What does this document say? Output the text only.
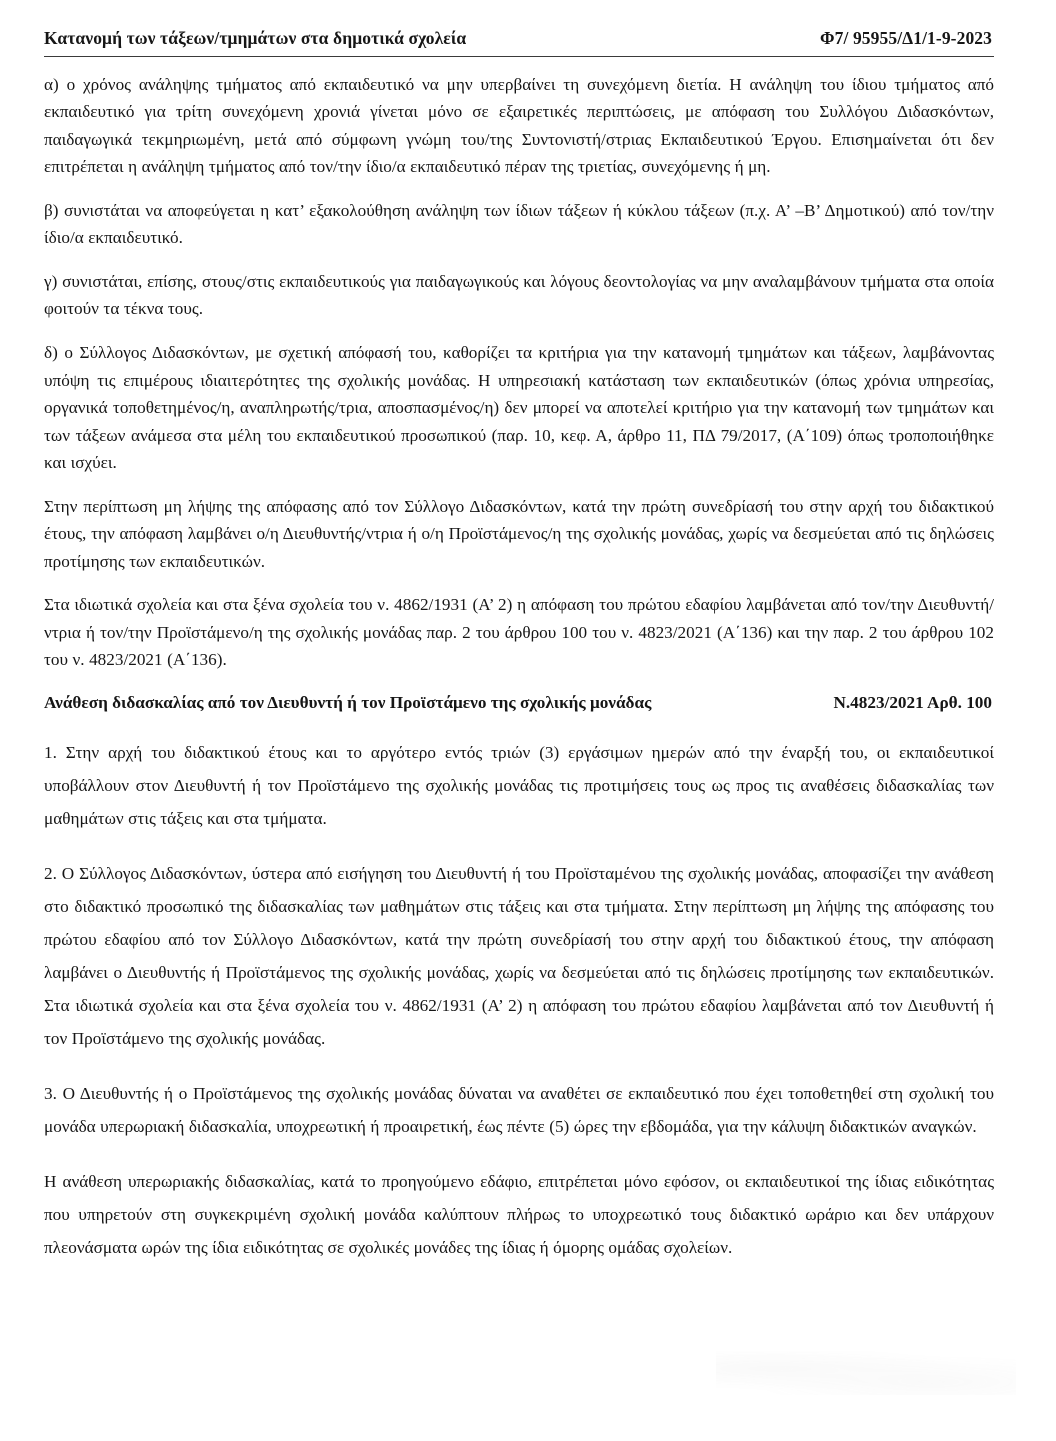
Κατανομή των τάξεων/τμημάτων στα δημοτικά σχολεία	Φ7/ 95955/Δ1/1-9-2023

α) ο χρόνος ανάληψης τμήματος από εκπαιδευτικό να μην υπερβαίνει τη συνεχόμενη διετία. Η ανάληψη του ίδιου τμήματος από εκπαιδευτικό για τρίτη συνεχόμενη χρονιά γίνεται μόνο σε εξαιρετικές περιπτώσεις, με απόφαση του Συλλόγου Διδασκόντων, παιδαγωγικά τεκμηριωμένη, μετά από σύμφωνη γνώμη του/της Συντονιστή/στριας Εκπαιδευτικού Έργου. Επισημαίνεται ότι δεν επιτρέπεται η ανάληψη τμήματος από τον/την ίδιο/α εκπαιδευτικό πέραν της τριετίας, συνεχόμενης ή μη.

β) συνιστάται να αποφεύγεται η κατ’ εξακολούθηση ανάληψη των ίδιων τάξεων ή κύκλου τάξεων (π.χ. Α’ –Β’ Δημοτικού) από τον/την ίδιο/α εκπαιδευτικό.

γ) συνιστάται, επίσης, στους/στις εκπαιδευτικούς για παιδαγωγικούς και λόγους δεοντολογίας να μην αναλαμβάνουν τμήματα στα οποία φοιτούν τα τέκνα τους.

δ) ο Σύλλογος Διδασκόντων, με σχετική απόφασή του, καθορίζει τα κριτήρια για την κατανομή τμημάτων και τάξεων, λαμβάνοντας υπόψη τις επιμέρους ιδιαιτερότητες της σχολικής μονάδας. Η υπηρεσιακή κατάσταση των εκπαιδευτικών (όπως χρόνια υπηρεσίας, οργανικά τοποθετημένος/η, αναπληρωτής/τρια, αποσπασμένος/η) δεν μπορεί να αποτελεί κριτήριο για την κατανομή των τμημάτων και των τάξεων ανάμεσα στα μέλη του εκπαιδευτικού προσωπικού (παρ. 10, κεφ. Α, άρθρο 11, ΠΔ 79/2017, (Α΄109) όπως τροποποιήθηκε και ισχύει.

Στην περίπτωση μη λήψης της απόφασης από τον Σύλλογο Διδασκόντων, κατά την πρώτη συνεδρίασή του στην αρχή του διδακτικού έτους, την απόφαση λαμβάνει ο/η Διευθυντής/ντρια ή ο/η Προϊστάμενος/η της σχολικής μονάδας, χωρίς να δεσμεύεται από τις δηλώσεις προτίμησης των εκπαιδευτικών.

Στα ιδιωτικά σχολεία και στα ξένα σχολεία του ν. 4862/1931 (Α’ 2) η απόφαση του πρώτου εδαφίου λαμβάνεται από τον/την Διευθυντή/ντρια ή τον/την Προϊστάμενο/η της σχολικής μονάδας παρ. 2 του άρθρου 100 του ν. 4823/2021 (Α΄136) και την παρ. 2 του άρθρου 102 του ν. 4823/2021 (Α΄136).

Ανάθεση διδασκαλίας από τον Διευθυντή ή τον Προϊστάμενο της σχολικής μονάδας	Ν.4823/2021 Αρθ. 100

1. Στην αρχή του διδακτικού έτους και το αργότερο εντός τριών (3) εργάσιμων ημερών από την έναρξή του, οι εκπαιδευτικοί υποβάλλουν στον Διευθυντή ή τον Προϊστάμενο της σχολικής μονάδας τις προτιμήσεις τους ως προς τις αναθέσεις διδασκαλίας των μαθημάτων στις τάξεις και στα τμήματα.

2. Ο Σύλλογος Διδασκόντων, ύστερα από εισήγηση του Διευθυντή ή του Προϊσταμένου της σχολικής μονάδας, αποφασίζει την ανάθεση στο διδακτικό προσωπικό της διδασκαλίας των μαθημάτων στις τάξεις και στα τμήματα. Στην περίπτωση μη λήψης της απόφασης του πρώτου εδαφίου από τον Σύλλογο Διδασκόντων, κατά την πρώτη συνεδρίασή του στην αρχή του διδακτικού έτους, την απόφαση λαμβάνει ο Διευθυντής ή Προϊστάμενος της σχολικής μονάδας, χωρίς να δεσμεύεται από τις δηλώσεις προτίμησης των εκπαιδευτικών. Στα ιδιωτικά σχολεία και στα ξένα σχολεία του ν. 4862/1931 (Α’ 2) η απόφαση του πρώτου εδαφίου λαμβάνεται από τον Διευθυντή ή τον Προϊστάμενο της σχολικής μονάδας.

3. Ο Διευθυντής ή ο Προϊστάμενος της σχολικής μονάδας δύναται να αναθέτει σε εκπαιδευτικό που έχει τοποθετηθεί στη σχολική του μονάδα υπερωριακή διδασκαλία, υποχρεωτική ή προαιρετική, έως πέντε (5) ώρες την εβδομάδα, για την κάλυψη διδακτικών αναγκών.

Η ανάθεση υπερωριακής διδασκαλίας, κατά το προηγούμενο εδάφιο, επιτρέπεται μόνο εφόσον, οι εκπαιδευτικοί της ίδιας ειδικότητας που υπηρετούν στη συγκεκριμένη σχολική μονάδα καλύπτουν πλήρως το υποχρεωτικό τους διδακτικό ωράριο και δεν υπάρχουν πλεονάσματα ωρών της ίδια ειδικότητας σε σχολικές μονάδες της ίδιας ή όμορης ομάδας σχολείων.
